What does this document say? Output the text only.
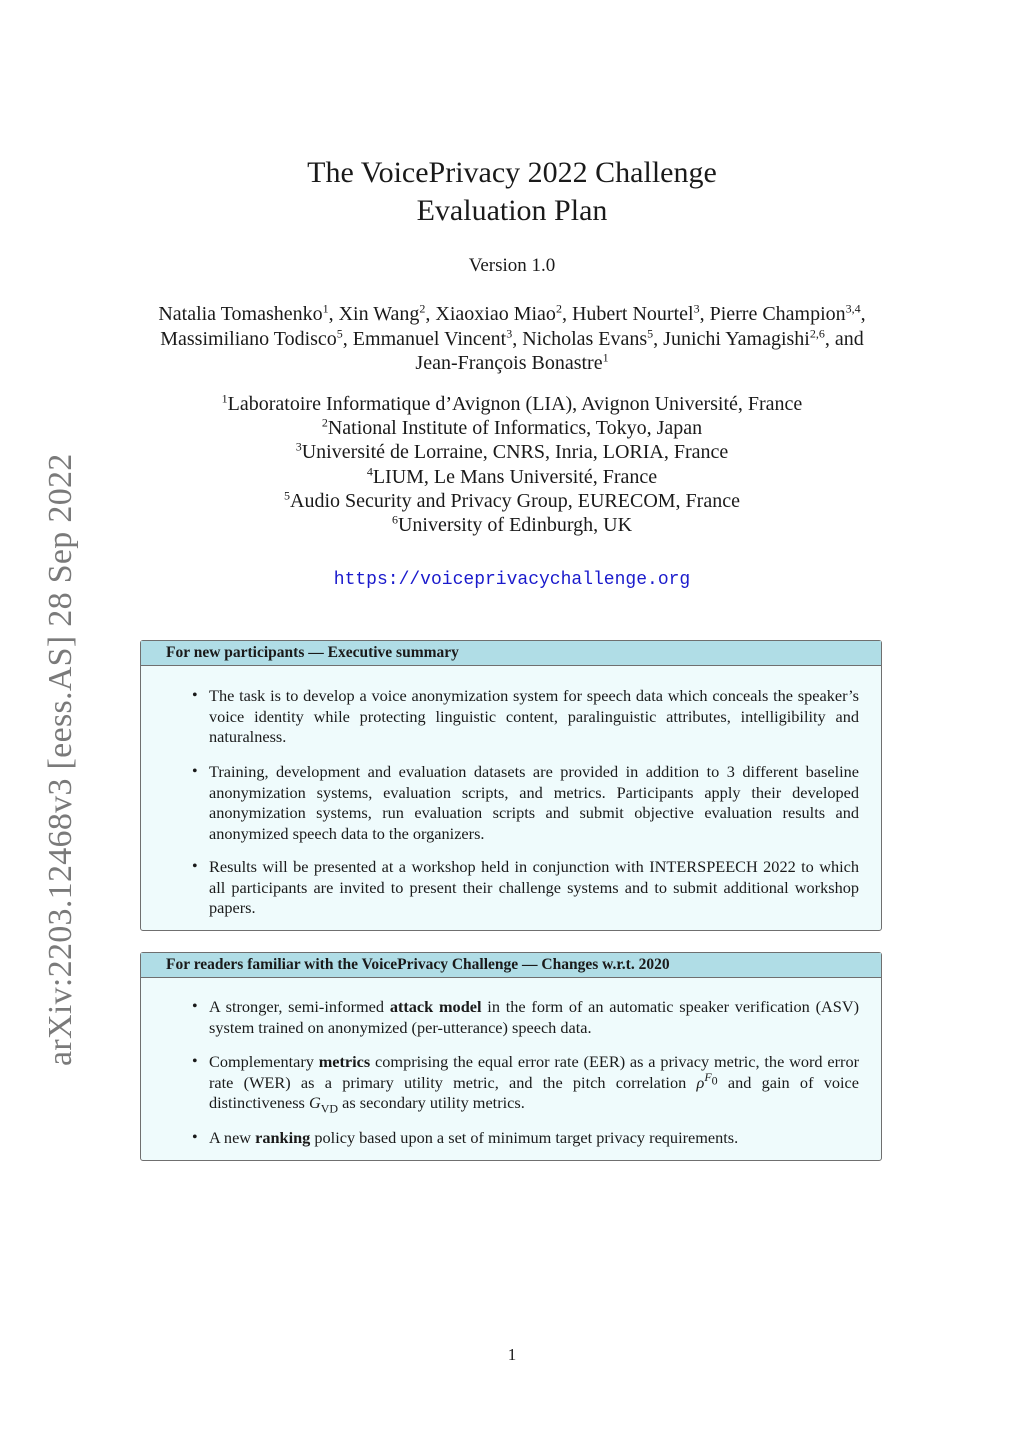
arXiv:2203.12468v3 [eess.AS] 28 Sep 2022
The VoicePrivacy 2022 Challenge
Evaluation Plan
Version 1.0
Natalia Tomashenko$^1$, Xin Wang$^2$, Xiaoxiao Miao$^2$, Hubert Nourtel$^3$, Pierre Champion$^{3,4}$, Massimiliano Todisco$^5$, Emmanuel Vincent$^3$, Nicholas Evans$^5$, Junichi Yamagishi$^{2,6}$, and Jean-François Bonastre$^1$
$^1$Laboratoire Informatique d’Avignon (LIA), Avignon Université, France
$^2$National Institute of Informatics, Tokyo, Japan
$^3$Université de Lorraine, CNRS, Inria, LORIA, France
$^4$LIUM, Le Mans Université, France
$^5$Audio Security and Privacy Group, EURECOM, France
$^6$University of Edinburgh, UK
https://voiceprivacychallenge.org
For new participants — Executive summary
• The task is to develop a voice anonymization system for speech data which conceals the speaker’s voice identity while protecting linguistic content, paralinguistic attributes, intelligibility and naturalness.
• Training, development and evaluation datasets are provided in addition to 3 different baseline anonymization systems, evaluation scripts, and metrics. Participants apply their developed anonymization systems, run evaluation scripts and submit objective evaluation results and anonymized speech data to the organizers.
• Results will be presented at a workshop held in conjunction with INTERSPEECH 2022 to which all participants are invited to present their challenge systems and to submit additional workshop papers.
For readers familiar with the VoicePrivacy Challenge — Changes w.r.t. 2020
• A stronger, semi-informed attack model in the form of an automatic speaker verification (ASV) system trained on anonymized (per-utterance) speech data.
• Complementary metrics comprising the equal error rate (EER) as a privacy metric, the word error rate (WER) as a primary utility metric, and the pitch correlation $\rho^{F_0}$ and gain of voice distinctiveness $G_{VD}$ as secondary utility metrics.
• A new ranking policy based upon a set of minimum target privacy requirements.
1
